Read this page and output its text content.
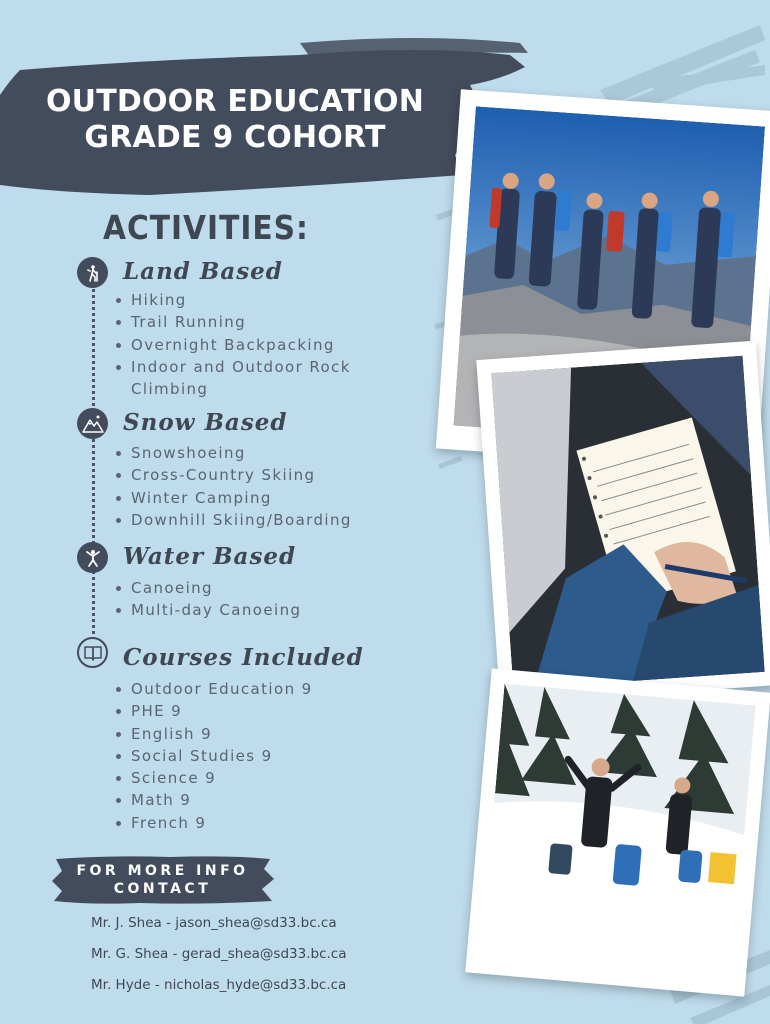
OUTDOOR EDUCATION
GRADE 9 COHORT
ACTIVITIES:
Land Based
Hiking
Trail Running
Overnight Backpacking
Indoor and Outdoor Rock Climbing
Snow Based
Snowshoeing
Cross-Country Skiing
Winter Camping
Downhill Skiing/Boarding
Water Based
Canoeing
Multi-day Canoeing
Courses Included
Outdoor Education 9
PHE 9
English 9
Social Studies 9
Science 9
Math 9
French 9
FOR MORE INFO
CONTACT
Mr. J. Shea - jason_shea@sd33.bc.ca
Mr. G. Shea - gerad_shea@sd33.bc.ca
Mr. Hyde - nicholas_hyde@sd33.bc.ca
